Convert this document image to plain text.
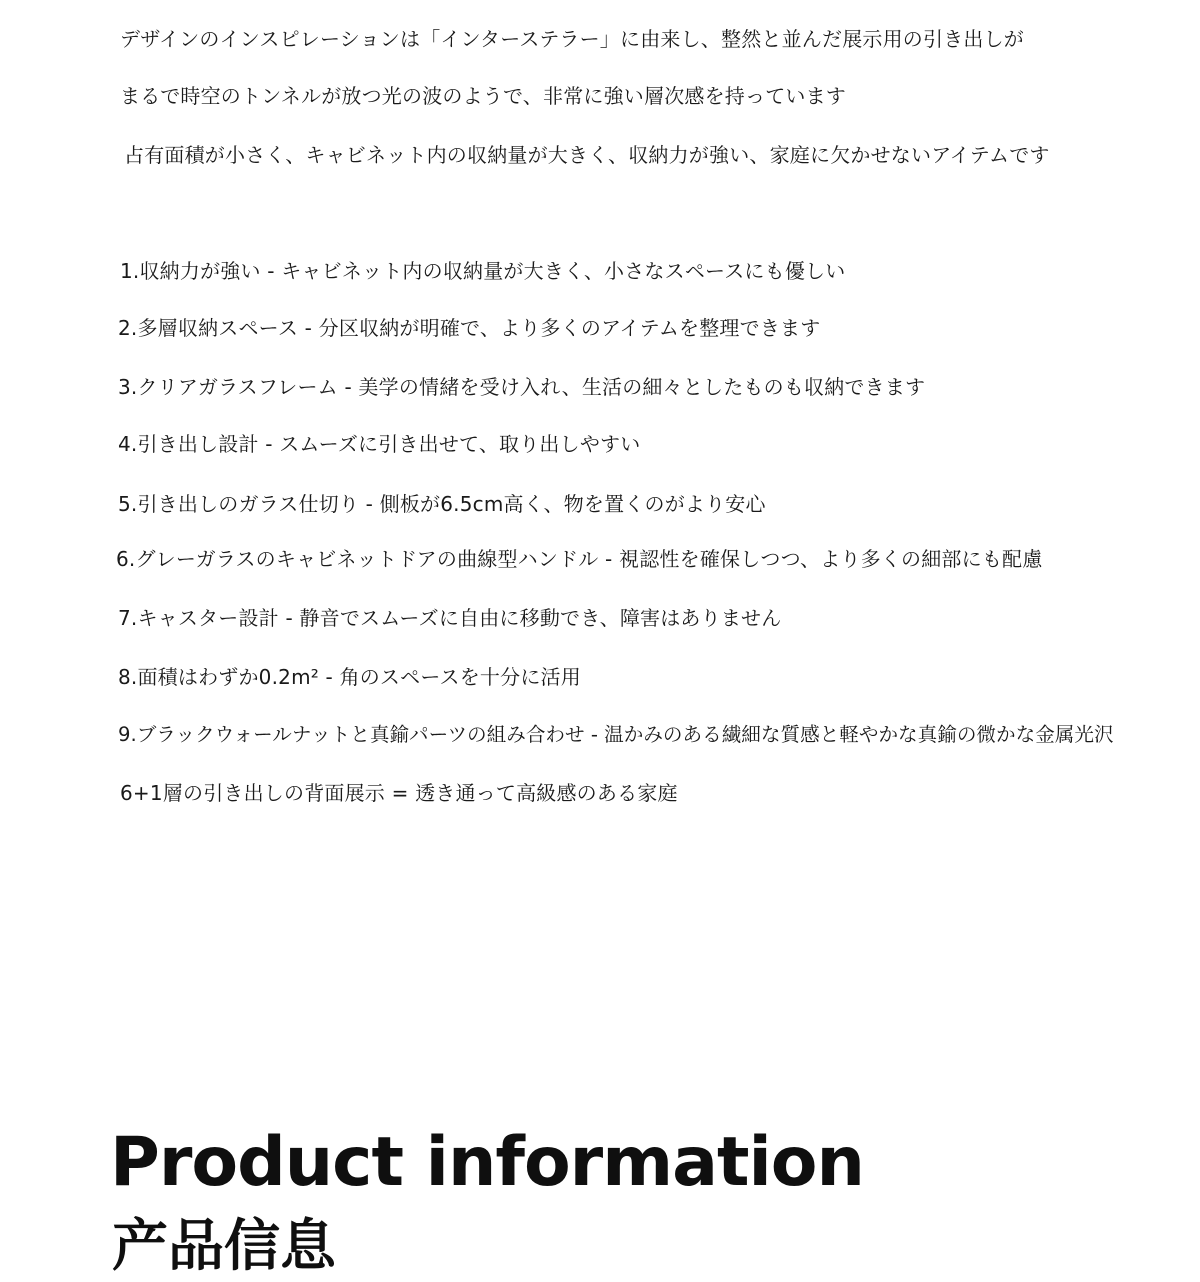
デザインのインスピレーションは「インターステラー」に由来し、整然と並んだ展示用の引き出しが
まるで時空のトンネルが放つ光の波のようで、非常に強い層次感を持っています
占有面積が小さく、キャビネット内の収納量が大きく、収納力が強い、家庭に欠かせないアイテムです
1.収納力が強い - キャビネット内の収納量が大きく、小さなスペースにも優しい
2.多層収納スペース - 分区収納が明確で、より多くのアイテムを整理できます
3.クリアガラスフレーム - 美学の情緒を受け入れ、生活の細々としたものも収納できます
4.引き出し設計 - スムーズに引き出せて、取り出しやすい
5.引き出しのガラス仕切り - 側板が6.5cm高く、物を置くのがより安心
6.グレーガラスのキャビネットドアの曲線型ハンドル - 視認性を確保しつつ、より多くの細部にも配慮
7.キャスター設計 - 静音でスムーズに自由に移動でき、障害はありません
8.面積はわずか0.2m² - 角のスペースを十分に活用
9.ブラックウォールナットと真鍮パーツの組み合わせ - 温かみのある繊細な質感と軽やかな真鍮の微かな金属光沢
6+1層の引き出しの背面展示 = 透き通って高級感のある家庭
Product information
产品信息
